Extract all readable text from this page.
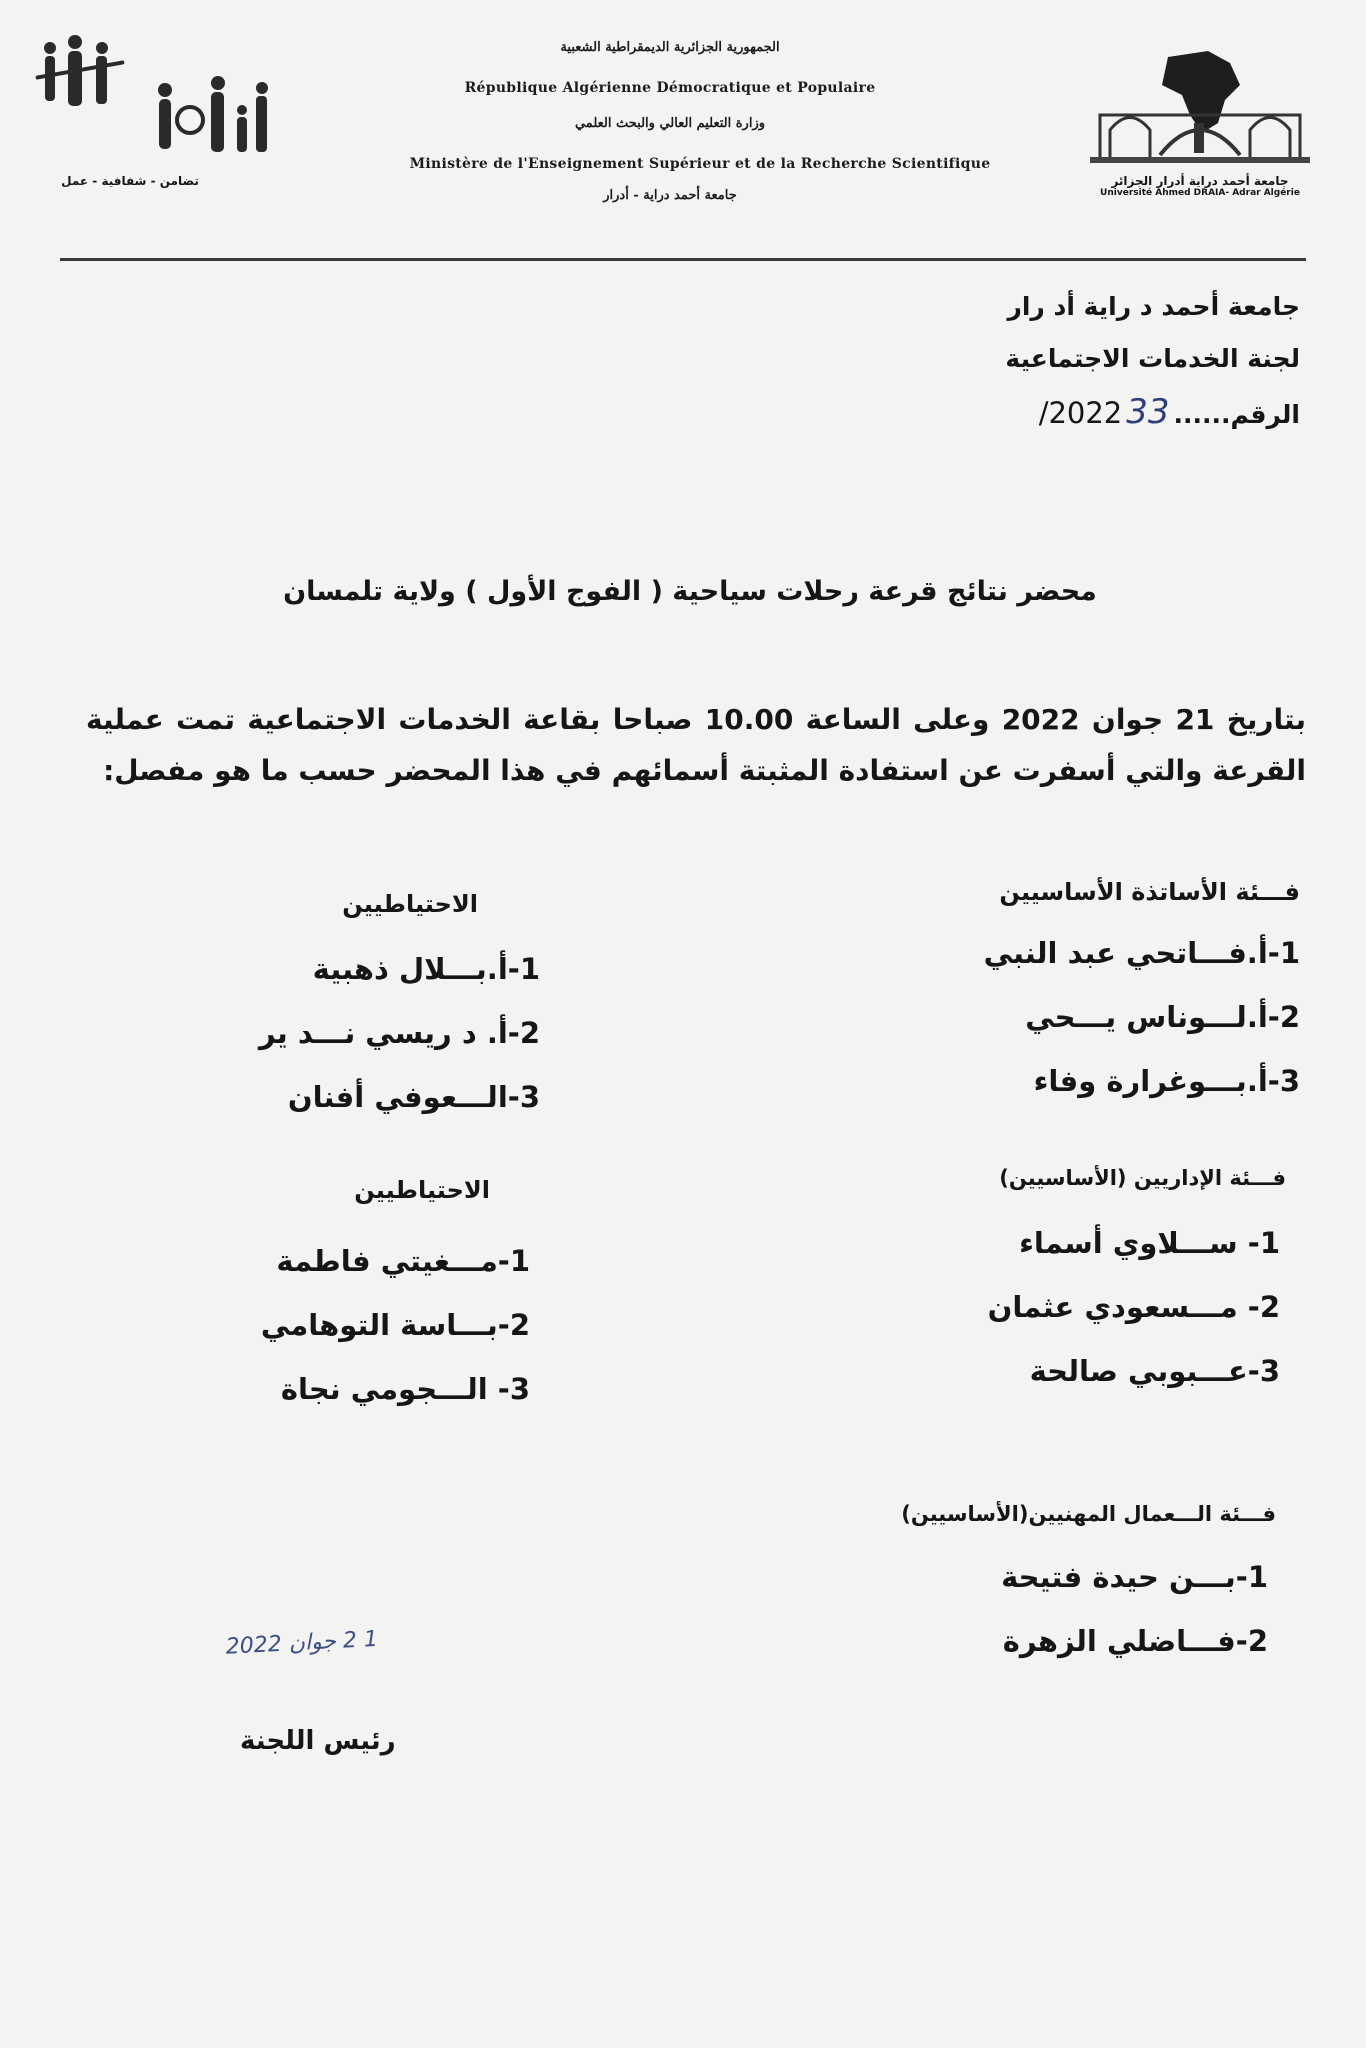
تضامن - شفافية - عمل
الجمهورية الجزائرية الديمقراطية الشعبية
République Algérienne Démocratique et Populaire
وزارة التعليم العالي والبحث العلمي
Ministère de l'Enseignement Supérieur et de la Recherche Scientifique
جامعة أحمد دراية - أدرار
جامعة أحمد دراية أدرار الجزائر
Université Ahmed DRAIA- Adrar Algérie
جامعة أحمد د راية أد رار
لجنة الخدمات الاجتماعية
الرقم......
33
/2022
محضر نتائج قرعة رحلات سياحية ( الفوج الأول ) ولاية تلمسان
بتاريخ 21 جوان 2022 وعلى الساعة 10.00 صباحا بقاعة الخدمات الاجتماعية تمت عملية القرعة والتي أسفرت عن استفادة المثبتة أسمائهم في هذا المحضر حسب ما هو مفصل:
فـــئة الأساتذة الأساسيين
1-أ.فـــاتحي عبد النبي
2-أ.لـــوناس يـــحي
3-أ.بـــوغرارة وفاء
الاحتياطيين
1-أ.بـــلال ذهبية
2-أ. د ريسي نـــد ير
3-الـــعوفي أفنان
فـــئة الإداريين (الأساسيين)
1- ســـلاوي أسماء
2- مـــسعودي عثمان
3-عـــبوبي صالحة
الاحتياطيين
1-مـــغيتي فاطمة
2-بـــاسة التوهامي
3- الـــجومي نجاة
فـــئة الـــعمال المهنيين(الأساسيين)
1-بـــن حيدة فتيحة
2-فـــاضلي الزهرة
1 2 جوان 2022
رئيس اللجنة
